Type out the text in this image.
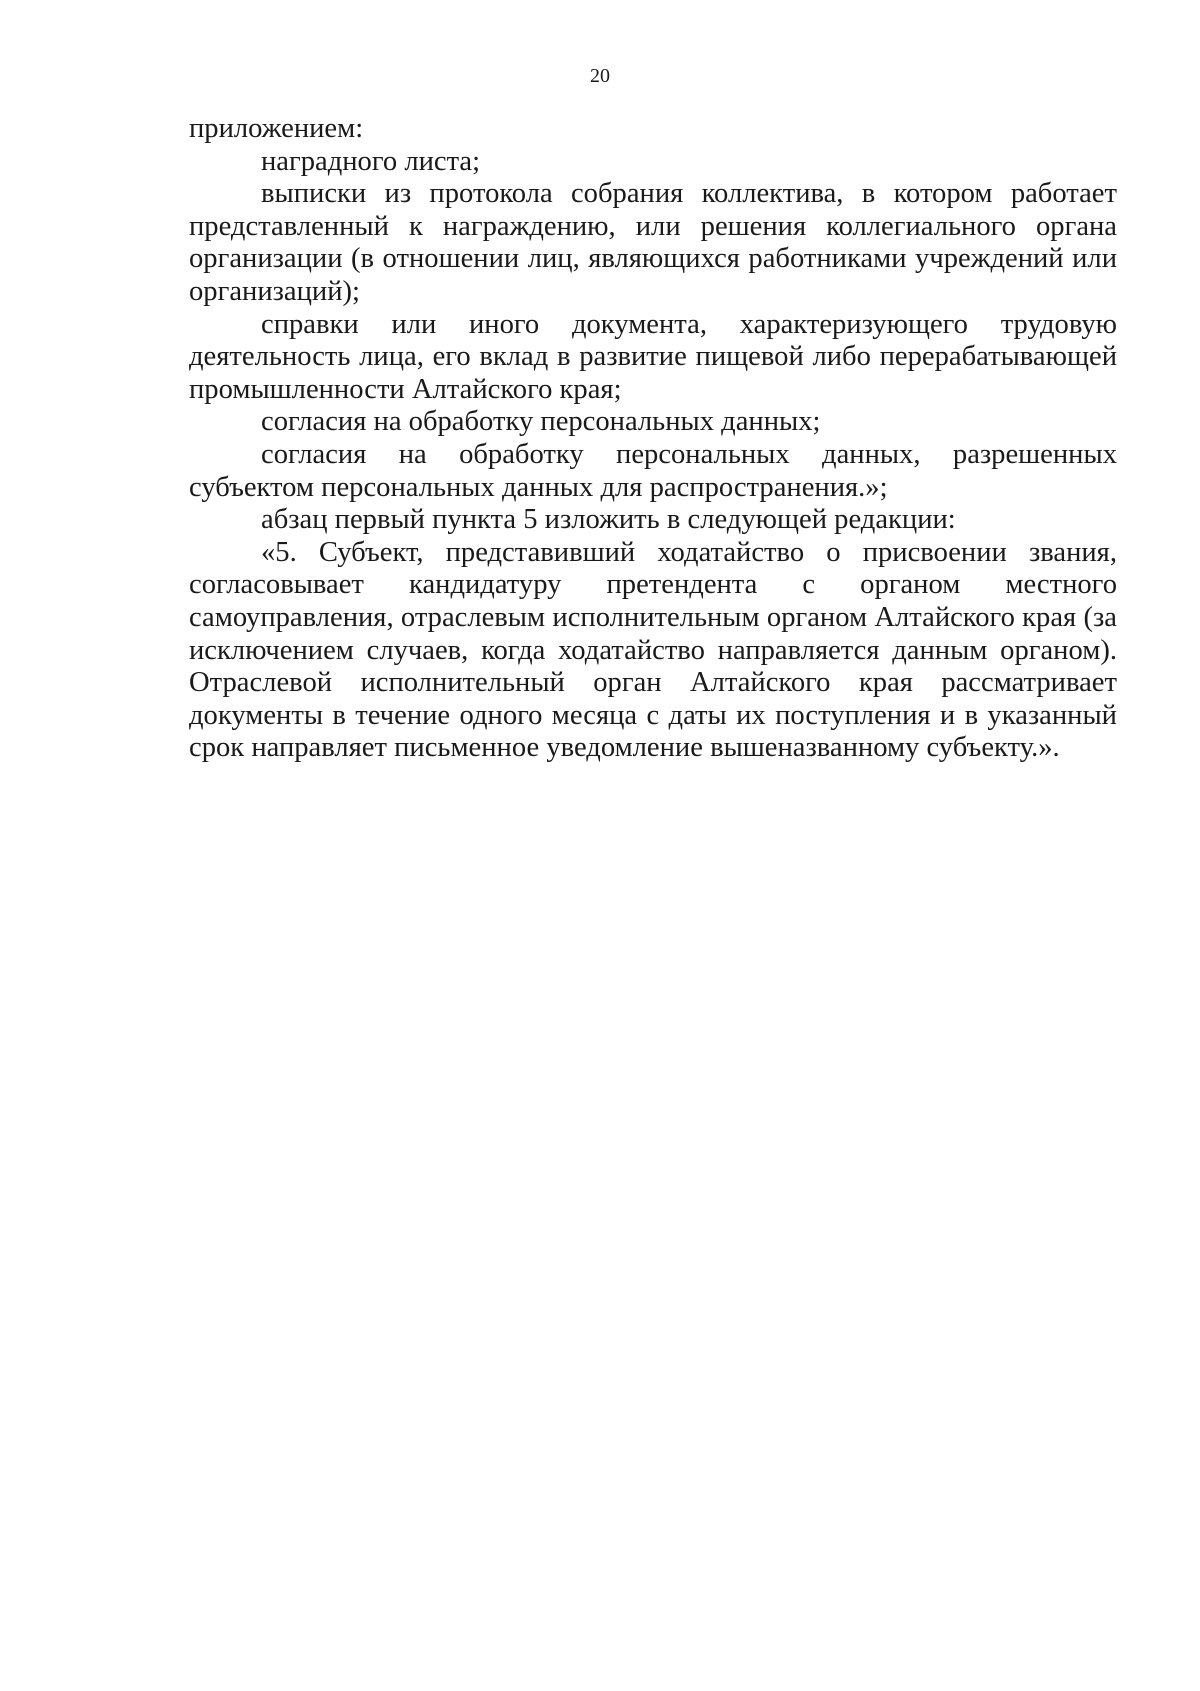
20

приложением:

наградного листа;

выписки из протокола собрания коллектива, в котором работает представленный к награждению, или решения коллегиального органа организации (в отношении лиц, являющихся работниками учреждений или организаций);

справки или иного документа, характеризующего трудовую деятельность лица, его вклад в развитие пищевой либо перерабатывающей промышленности Алтайского края;

согласия на обработку персональных данных;

согласия на обработку персональных данных, разрешенных субъектом персональных данных для распространения.»;

абзац первый пункта 5 изложить в следующей редакции:

«5. Субъект, представивший ходатайство о присвоении звания, согласовывает кандидатуру претендента с органом местного самоуправления, отраслевым исполнительным органом Алтайского края (за исключением случаев, когда ходатайство направляется данным органом). Отраслевой исполнительный орган Алтайского края рассматривает документы в течение одного месяца с даты их поступления и в указанный срок направляет письменное уведомление вышеназванному субъекту.».
